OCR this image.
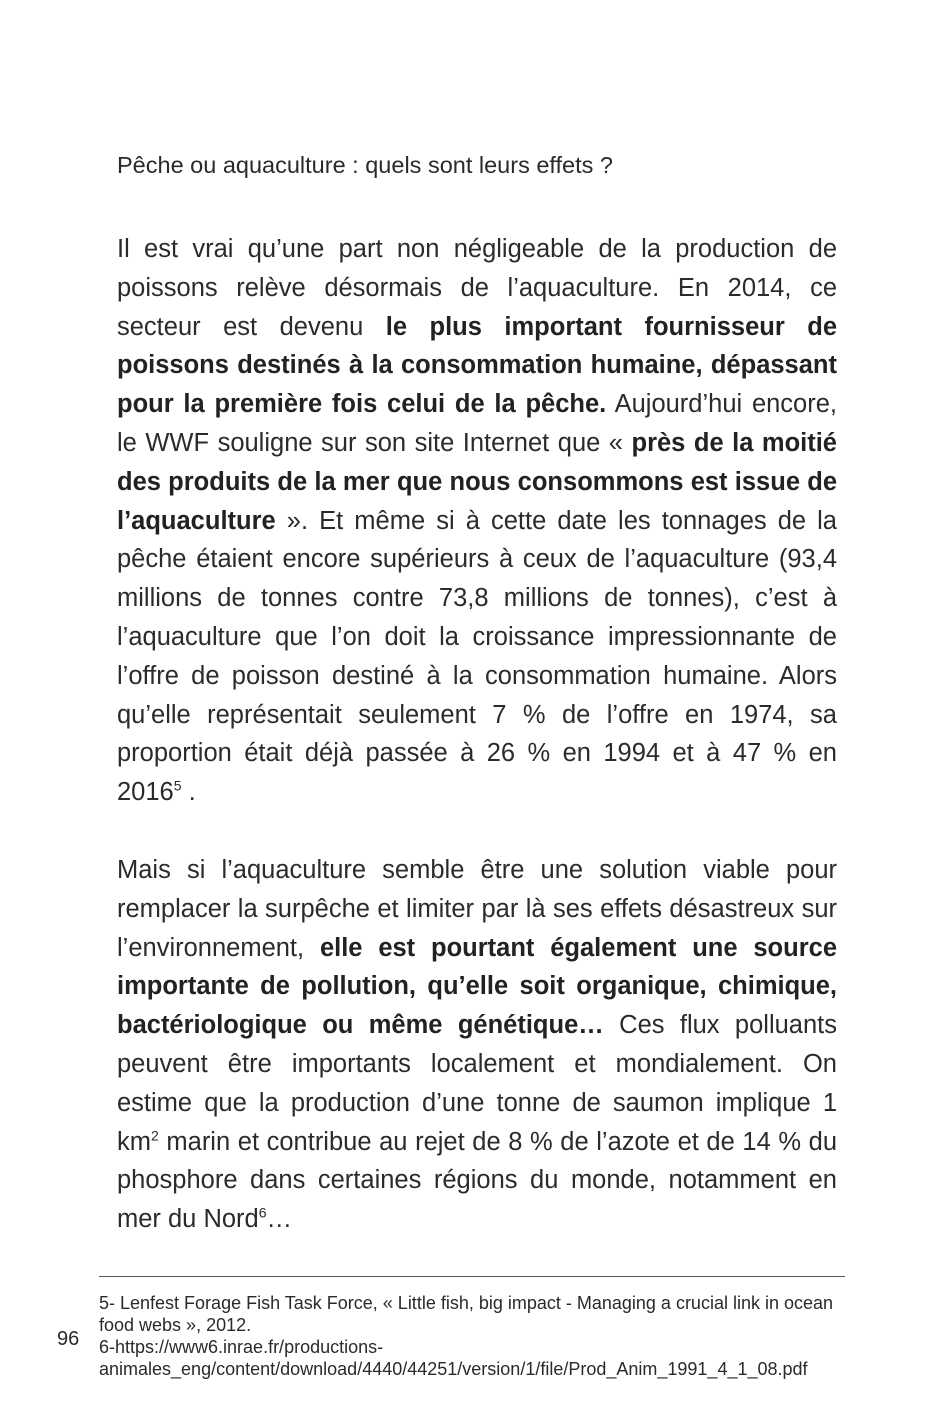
Pêche ou aquaculture : quels sont leurs effets ?

Il est vrai qu’une part non négligeable de la production de poissons relève désormais de l’aquaculture. En 2014, ce secteur est devenu le plus important fournisseur de poissons destinés à la consommation humaine, dépassant pour la première fois celui de la pêche. Aujourd’hui encore, le WWF souligne sur son site Internet que « près de la moitié des produits de la mer que nous consommons est issue de l’aquaculture ». Et même si à cette date les tonnages de la pêche étaient encore supérieurs à ceux de l’aquaculture (93,4 millions de tonnes contre 73,8 millions de tonnes), c’est à l’aquaculture que l’on doit la croissance impressionnante de l’offre de poisson destiné à la consommation humaine. Alors qu’elle représentait seulement 7 % de l’offre en 1974, sa proportion était déjà passée à 26 % en 1994 et à 47 % en 2016$^5$ .

Mais si l’aquaculture semble être une solution viable pour remplacer la surpêche et limiter par là ses effets désastreux sur l’environnement, elle est pourtant également une source importante de pollution, qu’elle soit organique, chimique, bactériologique ou même génétique… Ces flux polluants peuvent être importants localement et mondialement. On estime que la production d’une tonne de saumon implique 1 $km^2$ marin et contribue au rejet de 8 % de l’azote et de 14 % du phosphore dans certaines régions du monde, notamment en mer du Nord$^6$…

5- Lenfest Forage Fish Task Force, « Little fish, big impact - Managing a crucial link in ocean food webs », 2012.

6-https://www6.inrae.fr/productions-animales_eng/content/download/4440/44251/version/1/file/Prod_Anim_1991_4_1_08.pdf

96
